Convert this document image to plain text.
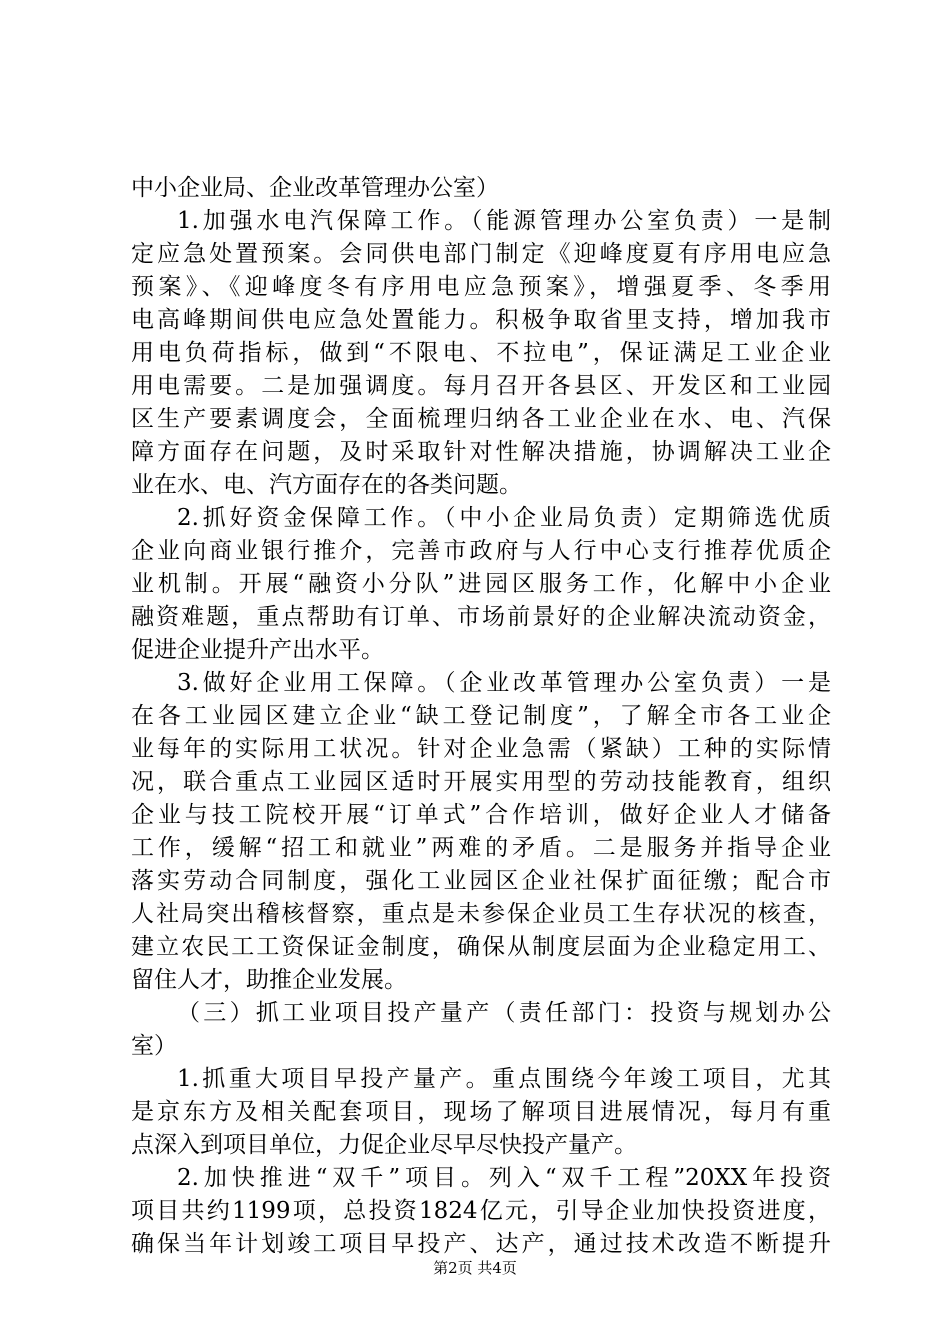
中小企业局、企业改革管理办公室）
1.加强水电汽保障工作。（能源管理办公室负责）一是制
定应急处置预案。会同供电部门制定《迎峰度夏有序用电应急
预案》、《迎峰度冬有序用电应急预案》，增强夏季、冬季用
电高峰期间供电应急处置能力。积极争取省里支持，增加我市
用电负荷指标，做到“不限电、不拉电”，保证满足工业企业
用电需要。二是加强调度。每月召开各县区、开发区和工业园
区生产要素调度会，全面梳理归纳各工业企业在水、电、汽保
障方面存在问题，及时采取针对性解决措施，协调解决工业企
业在水、电、汽方面存在的各类问题。
2.抓好资金保障工作。（中小企业局负责）定期筛选优质
企业向商业银行推介，完善市政府与人行中心支行推荐优质企
业机制。开展“融资小分队”进园区服务工作，化解中小企业
融资难题，重点帮助有订单、市场前景好的企业解决流动资金，
促进企业提升产出水平。
3.做好企业用工保障。（企业改革管理办公室负责）一是
在各工业园区建立企业“缺工登记制度”，了解全市各工业企
业每年的实际用工状况。针对企业急需（紧缺）工种的实际情
况，联合重点工业园区适时开展实用型的劳动技能教育，组织
企业与技工院校开展“订单式”合作培训，做好企业人才储备
工作，缓解“招工和就业”两难的矛盾。二是服务并指导企业
落实劳动合同制度，强化工业园区企业社保扩面征缴；配合市
人社局突出稽核督察，重点是未参保企业员工生存状况的核查，
建立农民工工资保证金制度，确保从制度层面为企业稳定用工、
留住人才，助推企业发展。
（三）抓工业项目投产量产（责任部门：投资与规划办公
室）
1.抓重大项目早投产量产。重点围绕今年竣工项目，尤其
是京东方及相关配套项目，现场了解项目进展情况，每月有重
点深入到项目单位，力促企业尽早尽快投产量产。
2.加快推进“双千”项目。列入“双千工程”20XX年投资
项目共约1199项，总投资1824亿元，引导企业加快投资进度，
确保当年计划竣工项目早投产、达产，通过技术改造不断提升
第2页 共4页
